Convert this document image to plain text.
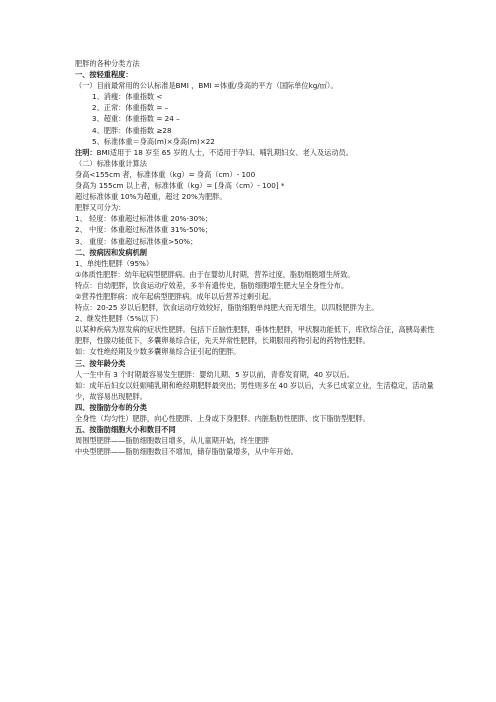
肥胖的各种分类方法
一、按轻重程度：
（一）目前最常用的公认标准是BMI ，BMI =体重/身高的平方（国际单位kg/㎡）。
1、消瘦：体重指数 <
2、正常：体重指数 = –
3、超重：体重指数 = 24 –
4、肥胖：体重指数 ≥28
5、标准体重＝身高(m)×身高(m)×22
注明：BMI适用于 18 岁至 65 岁的人士，不适用于孕妇、哺乳期妇女、老人及运动员。
（二）标准体重计算法
身高<155cm 者，标准体重（kg）= 身高（cm）- 100
身高为 155cm 以上者，标准体重（kg）= [身高（cm）- 100] *
超过标准体重 10%为超重，超过 20%为肥胖。
肥胖又可分为：
1、 轻度：体重超过标准体重 20%-30%；
2、 中度：体重超过标准体重 31%-50%；
3、 重度：体重超过标准体重>50%；
二、按病因和发病机制
1、单纯性肥胖（95%）
①体质性肥胖：幼年起病型肥胖病。由于在婴幼儿时期，营养过度，脂肪细胞增生所致。
特点：自幼肥胖，饮食运动疗效差，多半有遗传史，脂肪细胞增生肥大呈全身性分布。
②营养性肥胖病：成年起病型肥胖病。成年以后营养过剩引起。
特点：20-25 岁以后肥胖，饮食运动疗效较好，脂肪细胞单纯肥大而无增生，以四肢肥胖为主。
2、继发性肥胖（5%以下）
以某种疾病为原发病的症状性肥胖。包括下丘脑性肥胖，垂体性肥胖，甲状腺功能低下，库欣综合征，高胰岛素性肥胖，性腺功能低下，多囊卵巢综合征，先天异常性肥胖，长期服用药物引起的药物性肥胖。
如：女性绝经期及少数多囊卵巢综合征引起的肥胖。
三、按年龄分类
人一生中有 3 个时期最容易发生肥胖：婴幼儿期、5 岁以前，青春发育期，40 岁以后。
如：成年后妇女以妊娠哺乳期和绝经期肥胖最突出；男性则多在 40 岁以后，大多已成家立业，生活稳定，活动量少，故容易出现肥胖。
四、按脂肪分布的分类
全身性（均匀性）肥胖，向心性肥胖、上身或下身肥胖、内脏脂肪性肥胖、皮下脂肪型肥胖。
五、按脂肪细胞大小和数目不同
周围型肥胖——脂肪细胞数目增多，从儿童期开始，终生肥胖
中央型肥胖——脂肪细胞数目不增加，储存脂肪量增多，从中年开始。
